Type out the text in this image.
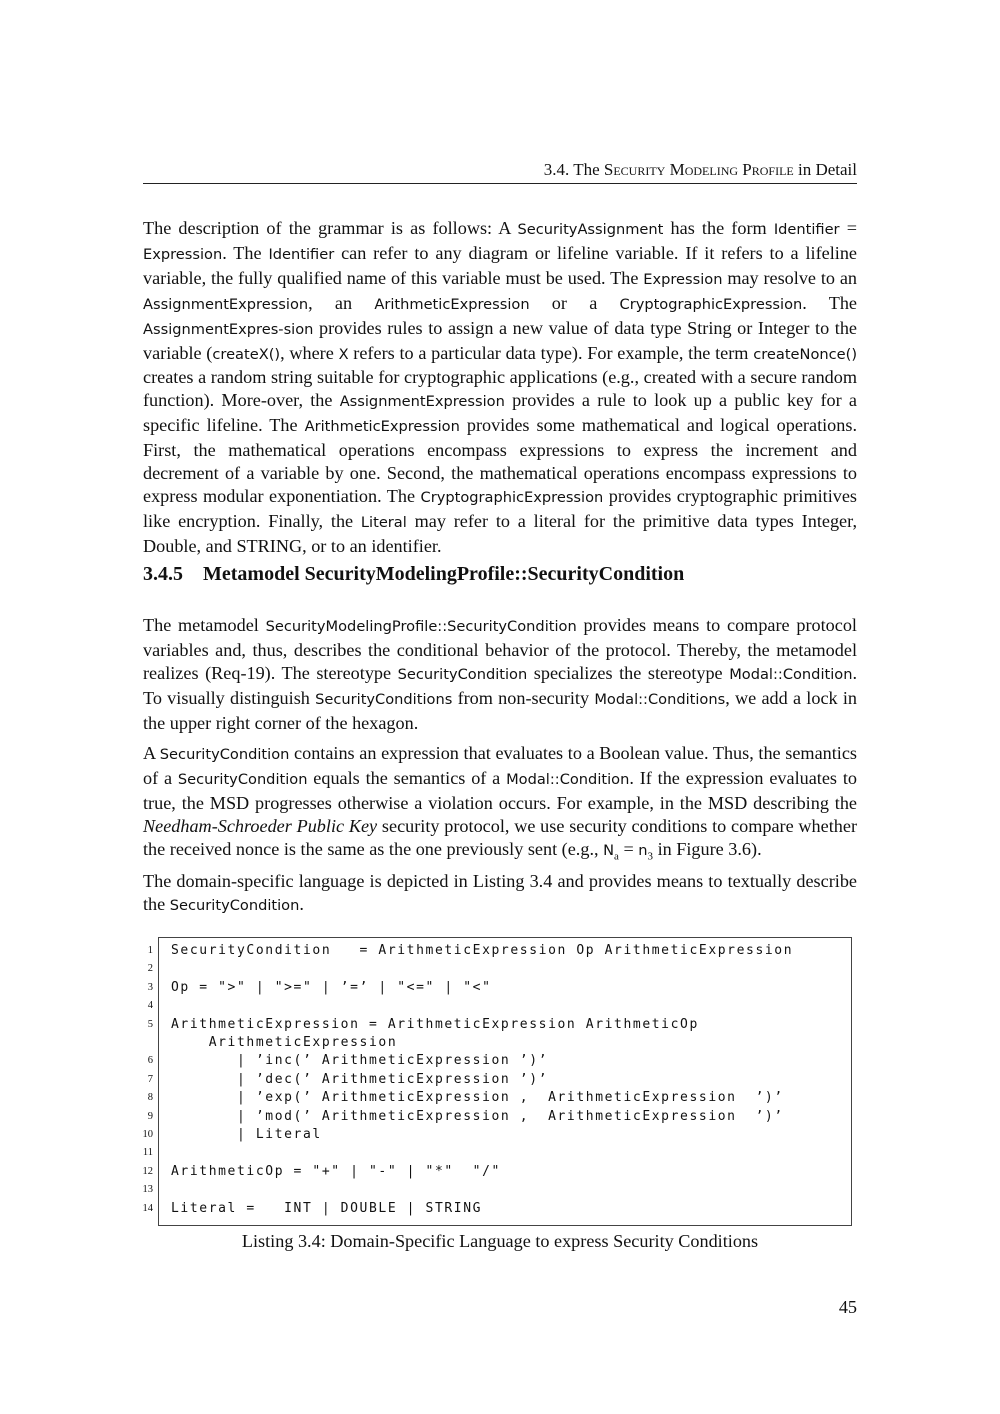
3.4. The Security Modeling Profile in Detail

The description of the grammar is as follows: A SecurityAssignment has the form Identifier = Expression. The Identifier can refer to any diagram or lifeline variable. If it refers to a lifeline variable, the fully qualified name of this variable must be used. The Expression may resolve to an AssignmentExpression, an ArithmeticExpression or a CryptographicExpression. The AssignmentExpres-sion provides rules to assign a new value of data type String or Integer to the variable (createX(), where X refers to a particular data type). For example, the term createNonce() creates a random string suitable for cryptographic applications (e.g., created with a secure random function). More-over, the AssignmentExpression provides a rule to look up a public key for a specific lifeline. The ArithmeticExpression provides some mathematical and logical operations. First, the mathematical operations encompass expressions to express the increment and decrement of a variable by one. Second, the mathematical operations encompass expressions to express modular exponentiation. The CryptographicExpression provides cryptographic primitives like encryption. Finally, the Literal may refer to a literal for the primitive data types Integer, Double, and STRING, or to an identifier.

3.4.5 Metamodel SecurityModelingProfile::SecurityCondition

The metamodel SecurityModelingProfile::SecurityCondition provides means to compare protocol variables and, thus, describes the conditional behavior of the protocol. Thereby, the metamodel realizes (Req-19). The stereotype SecurityCondition specializes the stereotype Modal::Condition. To visually distinguish SecurityConditions from non-security Modal::Conditions, we add a lock in the upper right corner of the hexagon.

A SecurityCondition contains an expression that evaluates to a Boolean value. Thus, the semantics of a SecurityCondition equals the semantics of a Modal::Condition. If the expression evaluates to true, the MSD progresses otherwise a violation occurs. For example, in the MSD describing the Needham-Schroeder Public Key security protocol, we use security conditions to compare whether the received nonce is the same as the one previously sent (e.g., $N_a = n_3$ in Figure 3.6).

The domain-specific language is depicted in Listing 3.4 and provides means to textually describe the SecurityCondition.

1 SecurityCondition   = ArithmeticExpression Op ArithmeticExpression
2
3 Op = ">" | ">=" | ’=’ | "<=" | "<"
4
5 ArithmeticExpression = ArithmeticExpression ArithmeticOp
ArithmeticExpression
6 | ’inc(’ ArithmeticExpression ’)’
7 | ’dec(’ ArithmeticExpression ’)’
8 | ’exp(’ ArithmeticExpression ,  ArithmeticExpression  ’)’
9 | ’mod(’ ArithmeticExpression ,  ArithmeticExpression  ’)’
10 | Literal
11
12 ArithmeticOp = "+" | "-" | "*"  "/"
13
14 Literal =   INT | DOUBLE | STRING
Listing 3.4: Domain-Specific Language to express Security Conditions
45
